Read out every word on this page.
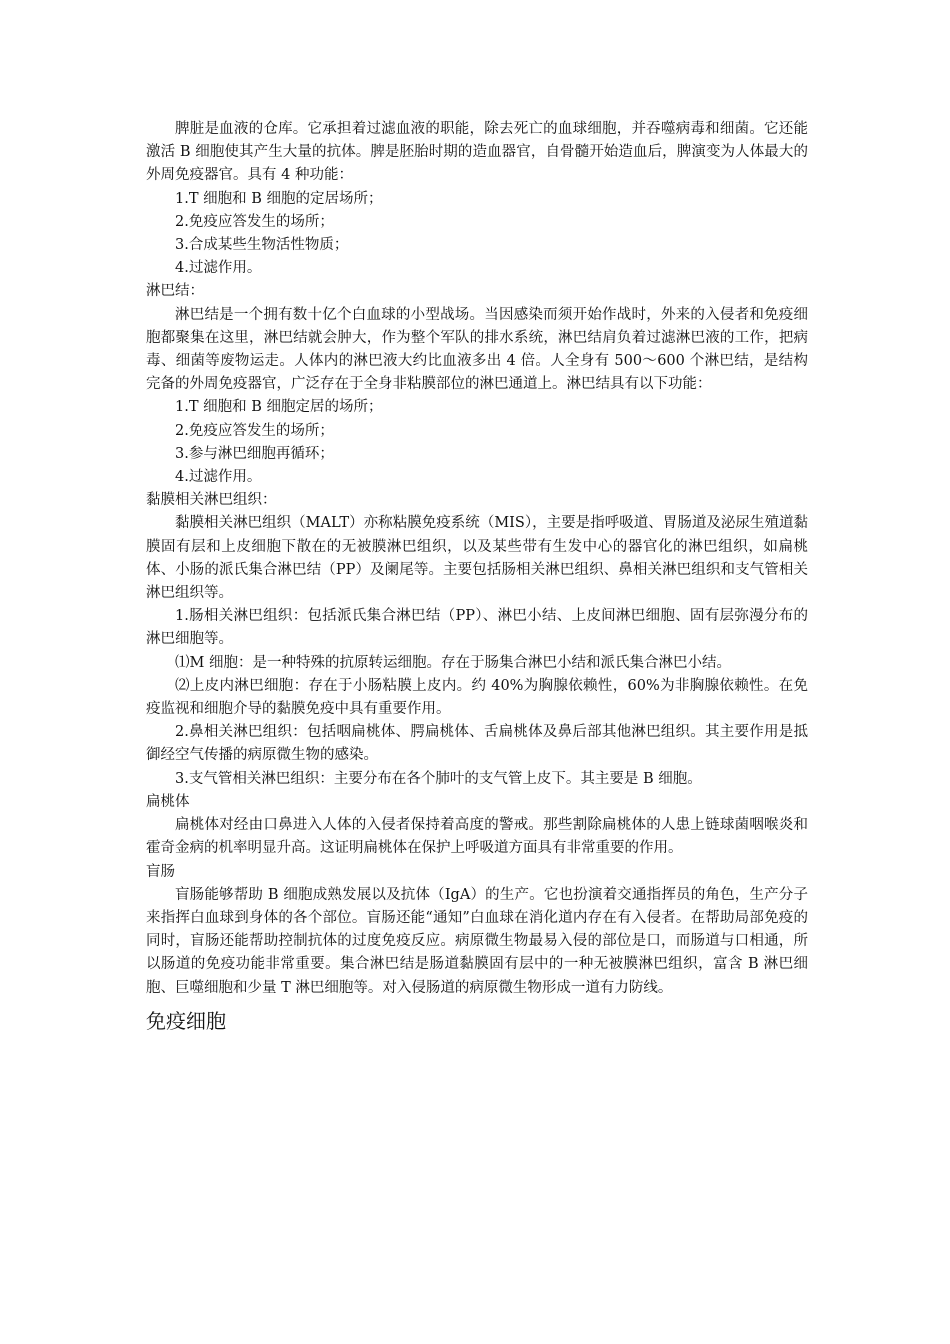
脾脏是血液的仓库。它承担着过滤血液的职能，除去死亡的血球细胞，并吞噬病毒和细菌。它还能激活 B 细胞使其产生大量的抗体。脾是胚胎时期的造血器官，自骨髓开始造血后，脾演变为人体最大的外周免疫器官。具有 4 种功能：

1.T 细胞和 B 细胞的定居场所；

2.免疫应答发生的场所；

3.合成某些生物活性物质；

4.过滤作用。

淋巴结：

淋巴结是一个拥有数十亿个白血球的小型战场。当因感染而须开始作战时，外来的入侵者和免疫细胞都聚集在这里，淋巴结就会肿大，作为整个军队的排水系统，淋巴结肩负着过滤淋巴液的工作，把病毒、细菌等废物运走。人体内的淋巴液大约比血液多出 4 倍。人全身有 500～600 个淋巴结，是结构完备的外周免疫器官，广泛存在于全身非粘膜部位的淋巴通道上。淋巴结具有以下功能：

1.T 细胞和 B 细胞定居的场所；

2.免疫应答发生的场所；

3.参与淋巴细胞再循环；

4.过滤作用。

黏膜相关淋巴组织：

黏膜相关淋巴组织（MALT）亦称粘膜免疫系统（MIS），主要是指呼吸道、胃肠道及泌尿生殖道黏膜固有层和上皮细胞下散在的无被膜淋巴组织，以及某些带有生发中心的器官化的淋巴组织，如扁桃体、小肠的派氏集合淋巴结（PP）及阑尾等。主要包括肠相关淋巴组织、鼻相关淋巴组织和支气管相关淋巴组织等。

1.肠相关淋巴组织：包括派氏集合淋巴结（PP）、淋巴小结、上皮间淋巴细胞、固有层弥漫分布的淋巴细胞等。

⑴M 细胞：是一种特殊的抗原转运细胞。存在于肠集合淋巴小结和派氏集合淋巴小结。

⑵上皮内淋巴细胞：存在于小肠粘膜上皮内。约 40%为胸腺依赖性，60%为非胸腺依赖性。在免疫监视和细胞介导的黏膜免疫中具有重要作用。

2.鼻相关淋巴组织：包括咽扁桃体、腭扁桃体、舌扁桃体及鼻后部其他淋巴组织。其主要作用是抵御经空气传播的病原微生物的感染。

3.支气管相关淋巴组织：主要分布在各个肺叶的支气管上皮下。其主要是 B 细胞。

扁桃体

扁桃体对经由口鼻进入人体的入侵者保持着高度的警戒。那些割除扁桃体的人患上链球菌咽喉炎和霍奇金病的机率明显升高。这证明扁桃体在保护上呼吸道方面具有非常重要的作用。

盲肠

盲肠能够帮助 B 细胞成熟发展以及抗体（IgA）的生产。它也扮演着交通指挥员的角色，生产分子来指挥白血球到身体的各个部位。盲肠还能“通知”白血球在消化道内存在有入侵者。在帮助局部免疫的同时，盲肠还能帮助控制抗体的过度免疫反应。病原微生物最易入侵的部位是口，而肠道与口相通，所以肠道的免疫功能非常重要。集合淋巴结是肠道黏膜固有层中的一种无被膜淋巴组织，富含 B 淋巴细胞、巨噬细胞和少量 T 淋巴细胞等。对入侵肠道的病原微生物形成一道有力防线。

免疫细胞
